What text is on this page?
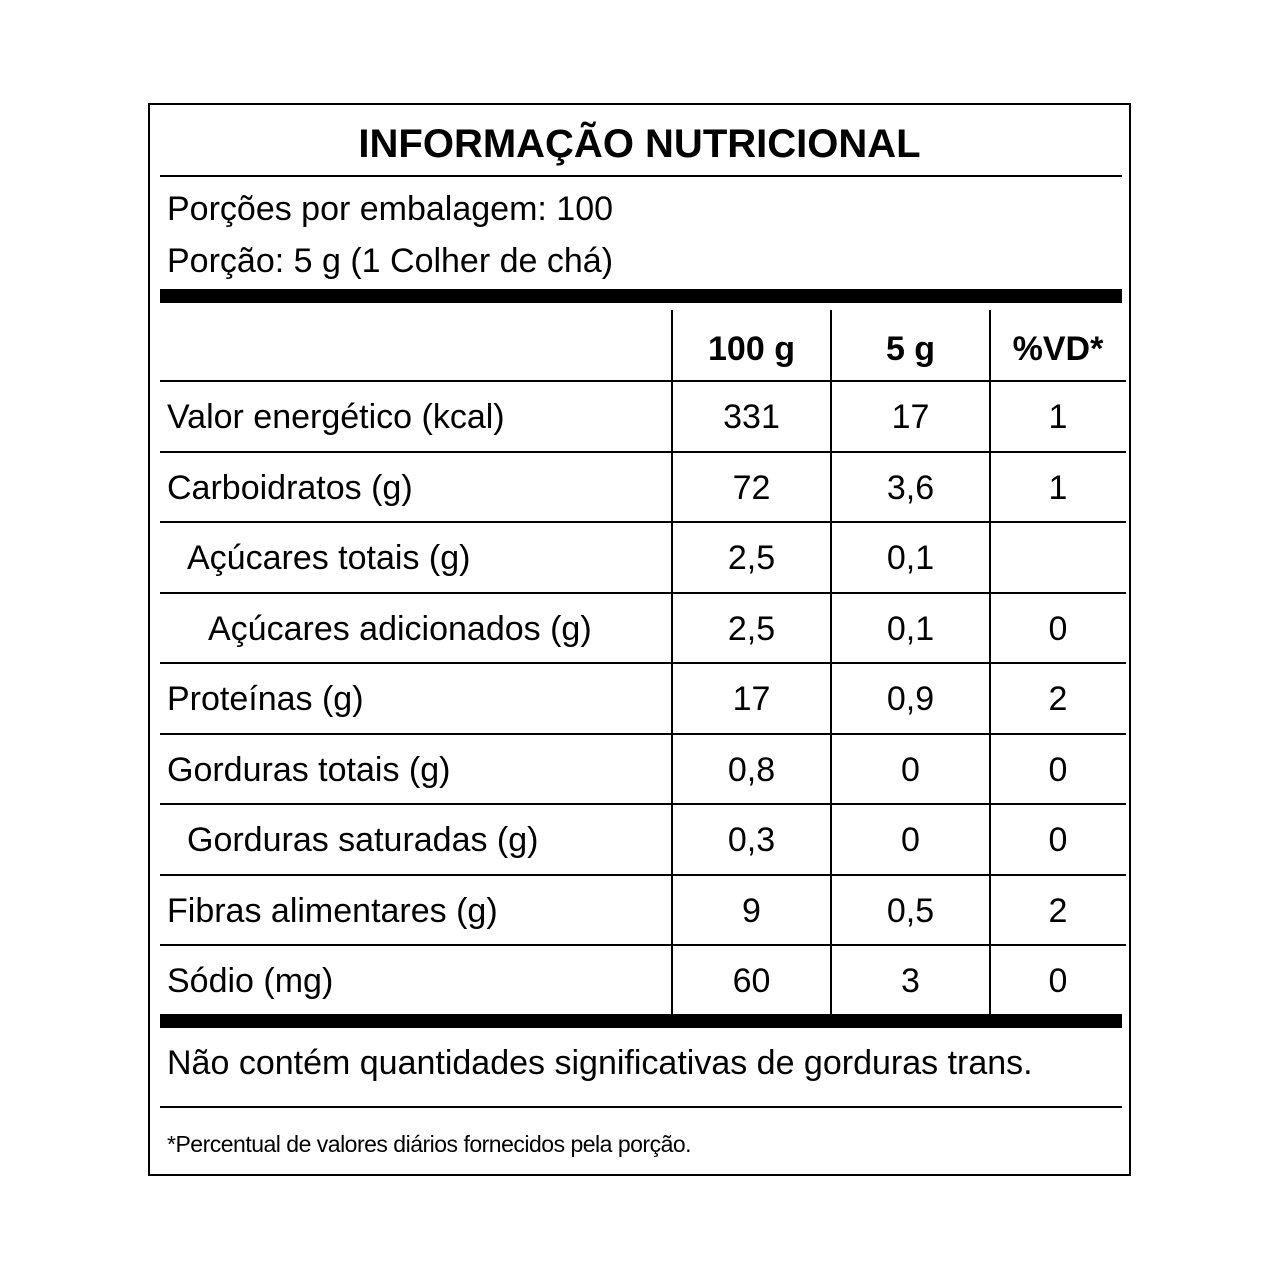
INFORMAÇÃO NUTRICIONAL
Porções por embalagem: 100
Porção: 5 g (1 Colher de chá)
100 g	5 g	%VD*
Valor energético (kcal)	331	17	1
Carboidratos (g)	72	3,6	1
Açúcares totais (g)	2,5	0,1
Açúcares adicionados (g)	2,5	0,1	0
Proteínas (g)	17	0,9	2
Gorduras totais (g)	0,8	0	0
Gorduras saturadas (g)	0,3	0	0
Fibras alimentares (g)	9	0,5	2
Sódio (mg)	60	3	0
Não contém quantidades significativas de gorduras trans.
*Percentual de valores diários fornecidos pela porção.
